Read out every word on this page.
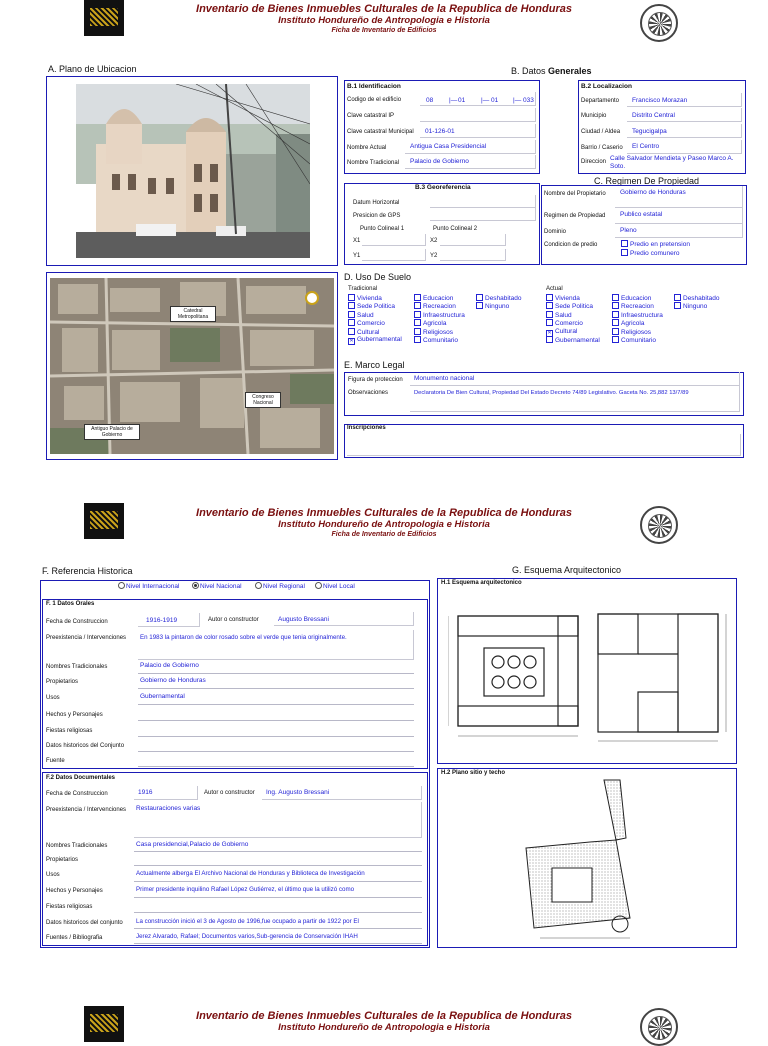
Inventario de Bienes Inmuebles Culturales de la Republica de Honduras
Instituto Hondureño de Antropologia e Historia
Ficha de Inventario de Edificios
A. Plano de Ubicacion	B. Datos Generales
Catedral Metropolitana
Congreso Nacional
Antiguo Palacio de Gobierno
B.1 Identificacion
Codigo de el edificio	08 |— 01 |— 01 |— 033
Clave catastral IP
Clave catastral Municipal 01-126-01
Nombre Actual	Antigua Casa Presidencial
Nombre Tradicional Palacio de Gobierno
B.2 Localizacion
Departamento Francisco Morazan
Municipio	Distrito Central
Ciudad / Aldea Tegucigalpa
Barrio / Caserio El Centro
Direccion Calle Salvador Mendieta y Paseo Marco A. Soto.
B.3 Georeferencia
Datum Horizontal
Presicion de GPS
Punto Colineal 1	Punto Colineal 2
X1	X2
Y1	Y2
C. Regimen De Propiedad
Nombre del Propietario Gobierno de Honduras
Regimen de Propiedad Publico estatal
Dominio	Pleno
Condicion de predio	Predio en pretension
Predio comunero
D. Uso De Suelo
Tradicional	Actual
Vivienda
Sede Politica
Salud
Comercio
Cultural
✕ Gubernamental
Educacion
Recreacion
Infraestructura
Agricola
Religiosos
Comunitario
Deshabitado
Ninguno
Vivienda
Sede Politica
Salud
Comercio
✕ Cultural
Gubernamental
Educacion
Recreacion
Infraestructura
Agricola
Religiosos
Comunitario
Deshabitado
Ninguno
E. Marco Legal
Figura de proteccion Monumento nacional
Observaciones	Declaratoria De Bien Cultural, Propiedad Del Estado Decreto 74/89 Legislativo. Gaceta No. 25,882 13/7/89
Inscripciones
Inventario de Bienes Inmuebles Culturales de la Republica de Honduras
Instituto Hondureño de Antropologia e Historia
Ficha de Inventario de Edificios
F. Referencia Historica	G. Esquema Arquitectonico
Nivel Internacional	Nivel Nacional	Nivel Regional	Nivel Local
F. 1 Datos Orales
Fecha de Construccion	1916-1919	Autor o constructor	Augusto Bressani
Preexistencia / Intervenciones En 1983 la pintaron de color rosado sobre el verde que tenia originalmente.
Nombres Tradicionales	Palacio de Gobierno
Propietarios	Gobierno de Honduras
Usos	Gubernamental
Hechos y Personajes
Fiestas religiosas
Datos historicos del Conjunto
Fuente
F.2 Datos Documentales
Fecha de Construccion	1916	Autor o constructor Ing. Augusto Bressani
Preexistencia / Intervenciones Restauraciones varias
Nombres Tradicionales	Casa presidencial,Palacio de Gobierno
Propietarios
Usos	Actualmente alberga El Archivo Nacional de Honduras y Biblioteca de Investigación
Hechos y Personajes	Primer presidente inquilino Rafael López Gutiérrez, el último que la utilizó como
Fiestas religiosas
Datos historicos del conjunto La construcción inició el 3 de Agosto de 1996,fue ocupado a partir de 1922 por El
Fuentes / Bibliografia	Jerez Alvarado, Rafael; Documentos varios,Sub-gerencia de Conservación IHAH
H.1 Esquema arquitectonico
H.2 Plano sitio y techo
Inventario de Bienes Inmuebles Culturales de la Republica de Honduras
Instituto Hondureño de Antropologia e Historia
